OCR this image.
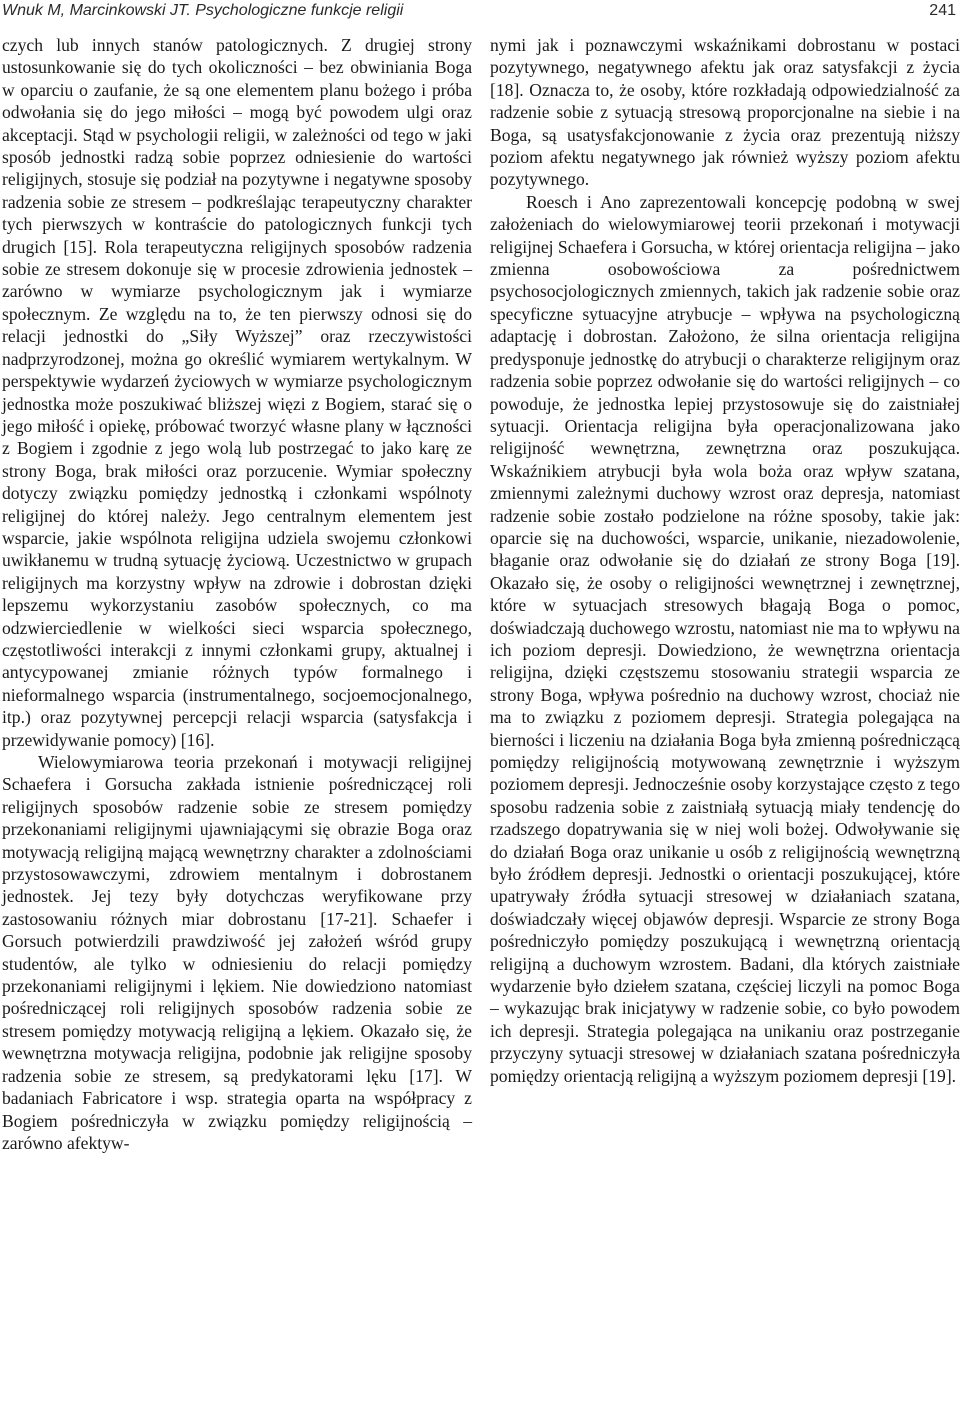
Wnuk M, Marcinkowski JT. Psychologiczne funkcje religii	241

czych lub innych stanów patologicznych. Z drugiej strony ustosunkowanie się do tych okoliczności – bez obwiniania Boga w oparciu o zaufanie, że są one elementem planu bożego i próba odwołania się do jego miłości – mogą być powodem ulgi oraz akceptacji. Stąd w psychologii religii, w zależności od tego w jaki sposób jednostki radzą sobie poprzez odniesienie do wartości religijnych, stosuje się podział na pozytywne i negatywne sposoby radzenia sobie ze stresem – podkreślając terapeutyczny charakter tych pierwszych w kontraście do patologicznych funkcji tych drugich [15]. Rola terapeutyczna religijnych sposobów radzenia sobie ze stresem dokonuje się w procesie zdrowienia jednostek – zarówno w wymiarze psychologicznym jak i wymiarze społecznym. Ze względu na to, że ten pierwszy odnosi się do relacji jednostki do „Siły Wyższej” oraz rzeczywistości nadprzyrodzonej, można go określić wymiarem wertykalnym. W perspektywie wydarzeń życiowych w wymiarze psychologicznym jednostka może poszukiwać bliższej więzi z Bogiem, starać się o jego miłość i opiekę, próbować tworzyć własne plany w łączności z Bogiem i zgodnie z jego wolą lub postrzegać to jako karę ze strony Boga, brak miłości oraz porzucenie. Wymiar społeczny dotyczy związku pomiędzy jednostką i członkami wspólnoty religijnej do której należy. Jego centralnym elementem jest wsparcie, jakie wspólnota religijna udziela swojemu członkowi uwikłanemu w trudną sytuację życiową. Uczestnictwo w grupach religijnych ma korzystny wpływ na zdrowie i dobrostan dzięki lepszemu wykorzystaniu zasobów społecznych, co ma odzwierciedlenie w wielkości sieci wsparcia społecznego, częstotliwości interakcji z innymi członkami grupy, aktualnej i antycypowanej zmianie różnych typów formalnego i nieformalnego wsparcia (instrumentalnego, socjoemocjonalnego, itp.) oraz pozytywnej percepcji relacji wsparcia (satysfakcja i przewidywanie pomocy) [16].

Wielowymiarowa teoria przekonań i motywacji religijnej Schaefera i Gorsucha zakłada istnienie pośredniczącej roli religijnych sposobów radzenie sobie ze stresem pomiędzy przekonaniami religijnymi ujawniającymi się obrazie Boga oraz motywacją religijną mającą wewnętrzny charakter a zdolnościami przystosowawczymi, zdrowiem mentalnym i dobrostanem jednostek. Jej tezy były dotychczas weryfikowane przy zastosowaniu różnych miar dobrostanu [17-21]. Schaefer i Gorsuch potwierdzili prawdziwość jej założeń wśród grupy studentów, ale tylko w odniesieniu do relacji pomiędzy przekonaniami religijnymi i lękiem. Nie dowiedziono natomiast pośredniczącej roli religijnych sposobów radzenia sobie ze stresem pomiędzy motywacją religijną a lękiem. Okazało się, że wewnętrzna motywacja religijna, podobnie jak religijne sposoby radzenia sobie ze stresem, są predykatorami lęku [17]. W badaniach Fabricatore i wsp. strategia oparta na współpracy z Bogiem pośredniczyła w związku pomiędzy religijnością – zarówno afektyw-

nymi jak i poznawczymi wskaźnikami dobrostanu w postaci pozytywnego, negatywnego afektu jak oraz satysfakcji z życia [18]. Oznacza to, że osoby, które rozkładają odpowiedzialność za radzenie sobie z sytuacją stresową proporcjonalne na siebie i na Boga, są usatysfakcjonowanie z życia oraz prezentują niższy poziom afektu negatywnego jak również wyższy poziom afektu pozytywnego.

Roesch i Ano zaprezentowali koncepcję podobną w swej założeniach do wielowymiarowej teorii przekonań i motywacji religijnej Schaefera i Gorsucha, w której orientacja religijna – jako zmienna osobowościowa za pośrednictwem psychosocjologicznych zmiennych, takich jak radzenie sobie oraz specyficzne sytuacyjne atrybucje – wpływa na psychologiczną adaptację i dobrostan. Założono, że silna orientacja religijna predysponuje jednostkę do atrybucji o charakterze religijnym oraz radzenia sobie poprzez odwołanie się do wartości religijnych – co powoduje, że jednostka lepiej przystosowuje się do zaistniałej sytuacji. Orientacja religijna była operacjonalizowana jako religijność wewnętrzna, zewnętrzna oraz poszukująca. Wskaźnikiem atrybucji była wola boża oraz wpływ szatana, zmiennymi zależnymi duchowy wzrost oraz depresja, natomiast radzenie sobie zostało podzielone na różne sposoby, takie jak: oparcie się na duchowości, wsparcie, unikanie, niezadowolenie, błaganie oraz odwołanie się do działań ze strony Boga [19]. Okazało się, że osoby o religijności wewnętrznej i zewnętrznej, które w sytuacjach stresowych błagają Boga o pomoc, doświadczają duchowego wzrostu, natomiast nie ma to wpływu na ich poziom depresji. Dowiedziono, że wewnętrzna orientacja religijna, dzięki częstszemu stosowaniu strategii wsparcia ze strony Boga, wpływa pośrednio na duchowy wzrost, chociaż nie ma to związku z poziomem depresji. Strategia polegająca na bierności i liczeniu na działania Boga była zmienną pośredniczącą pomiędzy religijnością motywowaną zewnętrznie i wyższym poziomem depresji. Jednocześnie osoby korzystające często z tego sposobu radzenia sobie z zaistniałą sytuacją miały tendencję do rzadszego dopatrywania się w niej woli bożej. Odwoływanie się do działań Boga oraz unikanie u osób z religijnością wewnętrzną było źródłem depresji. Jednostki o orientacji poszukującej, które upatrywały źródła sytuacji stresowej w działaniach szatana, doświadczały więcej objawów depresji. Wsparcie ze strony Boga pośredniczyło pomiędzy poszukującą i wewnętrzną orientacją religijną a duchowym wzrostem. Badani, dla których zaistniałe wydarzenie było dziełem szatana, częściej liczyli na pomoc Boga – wykazując brak inicjatywy w radzenie sobie, co było powodem ich depresji. Strategia polegająca na unikaniu oraz postrzeganie przyczyny sytuacji stresowej w działaniach szatana pośredniczyła pomiędzy orientacją religijną a wyższym poziomem depresji [19].
